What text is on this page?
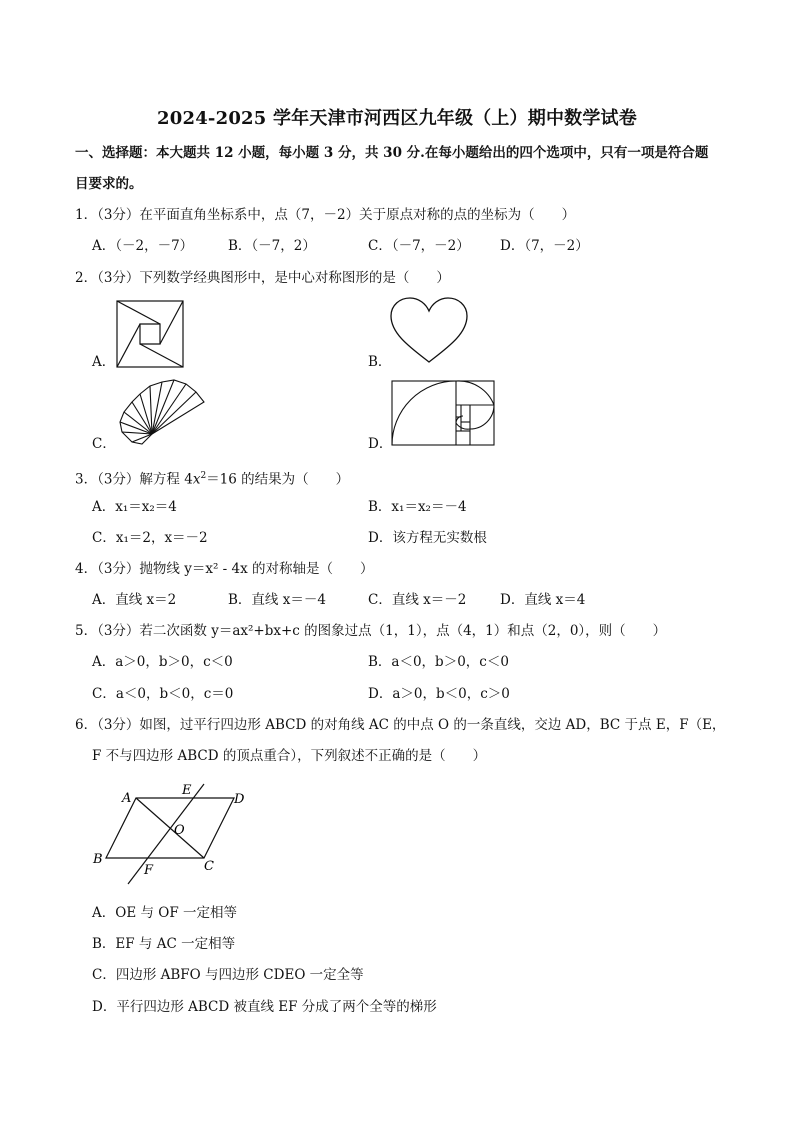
2024-2025 学年天津市河西区九年级（上）期中数学试卷
一、选择题：本大题共 12 小题，每小题 3 分，共 30 分.在每小题给出的四个选项中，只有一项是符合题
目要求的。
1．（3分）在平面直角坐标系中，点（7，－2）关于原点对称的点的坐标为（　　）
A．（－2，－7）	B．（－7，2）	C．（－7，－2） D．（7，－2）
2．（3分）下列数学经典图形中，是中心对称图形的是（　　）
A．	B．
C．	D．
3．（3分）解方程 $4x^2=16$ 的结果为（　　）
A．x₁＝x₂＝4	B．x₁＝x₂＝－4
C．x₁＝2，x＝－2	D．该方程无实数根
4．（3分）抛物线 y＝x² - 4x 的对称轴是（　　）
A．直线 x＝2	B．直线 x＝－4	C．直线 x＝－2 D．直线 x＝4
5．（3分）若二次函数 y＝ax²+bx+c 的图象过点（1，1），点（4，1）和点（2，0），则（　　）
A．a＞0，b＞0，c＜0	B．a＜0，b＞0，c＜0
C．a＜0，b＜0，c＝0	D．a＞0，b＜0，c＞0
6．（3分）如图，过平行四边形 ABCD 的对角线 AC 的中点 O 的一条直线，交边 AD，BC 于点 E，F（E，
F 不与四边形 ABCD 的顶点重合），下列叙述不正确的是（　　）
A
E
D
O
B
F	C
A．OE 与 OF 一定相等
B．EF 与 AC 一定相等
C．四边形 ABFO 与四边形 CDEO 一定全等
D．平行四边形 ABCD 被直线 EF 分成了两个全等的梯形
